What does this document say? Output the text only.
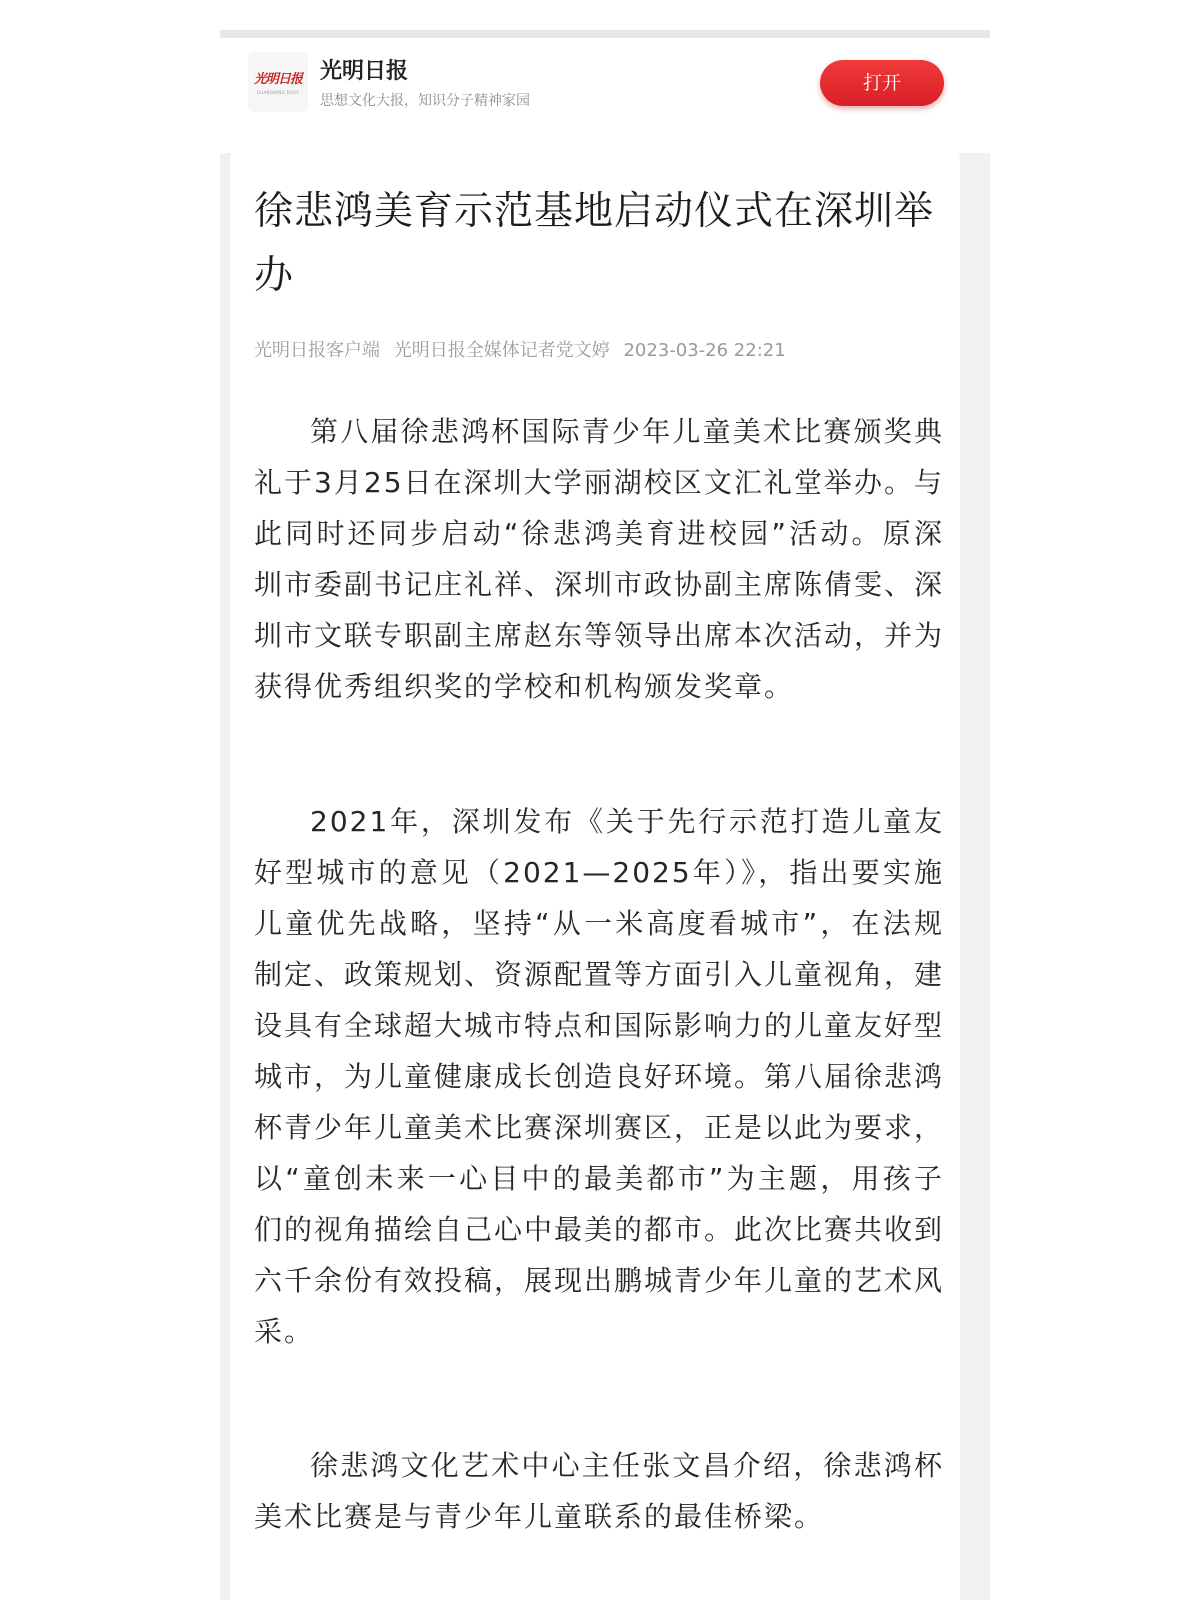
光明日报
GUANGMING DAILY
光明日报
思想文化大报，知识分子精神家园
打开
徐悲鸿美育示范基地启动仪式在深圳举办
光明日报客户端 光明日报全媒体记者党文婷 2023-03-26 22:21

第八届徐悲鸿杯国际青少年儿童美术比赛颁奖典礼于3月25日在深圳大学丽湖校区文汇礼堂举办。与此同时还同步启动“徐悲鸿美育进校园”活动。原深圳市委副书记庄礼祥、深圳市政协副主席陈倩雯、深圳市文联专职副主席赵东等领导出席本次活动，并为获得优秀组织奖的学校和机构颁发奖章。

2021年，深圳发布《关于先行示范打造儿童友好型城市的意见（2021—2025年）》，指出要实施儿童优先战略，坚持“从一米高度看城市”，在法规制定、政策规划、资源配置等方面引入儿童视角，建设具有全球超大城市特点和国际影响力的儿童友好型城市，为儿童健康成长创造良好环境。第八届徐悲鸿杯青少年儿童美术比赛深圳赛区，正是以此为要求，以“童创未来一心目中的最美都市”为主题，用孩子们的视角描绘自己心中最美的都市。此次比赛共收到六千余份有效投稿，展现出鹏城青少年儿童的艺术风采。

徐悲鸿文化艺术中心主任张文昌介绍，徐悲鸿杯美术比赛是与青少年儿童联系的最佳桥梁。
